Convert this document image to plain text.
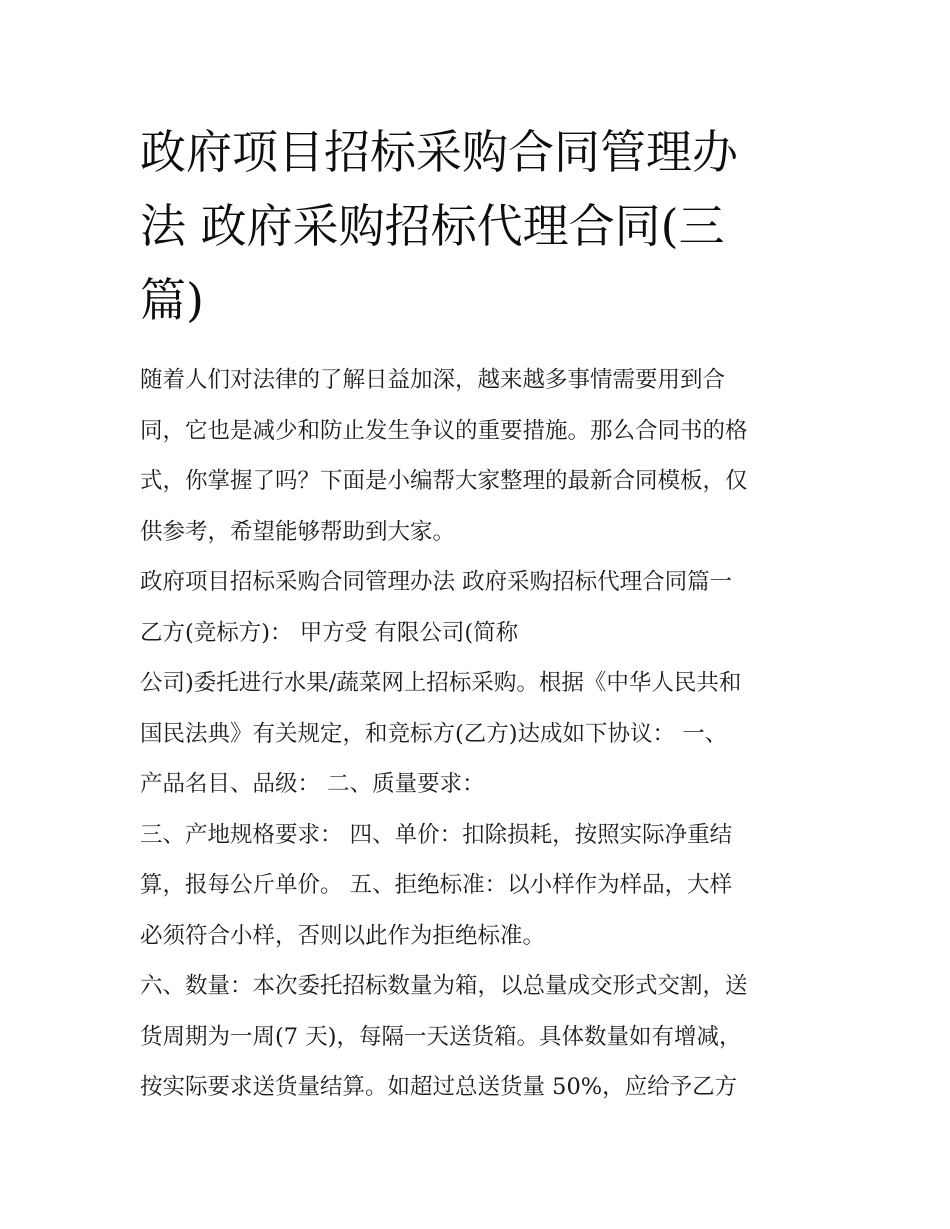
政府项目招标采购合同管理办
法 政府采购招标代理合同(三
篇)

随着人们对法律的了解日益加深，越来越多事情需要用到合
同，它也是减少和防止发生争议的重要措施。那么合同书的格
式，你掌握了吗？下面是小编帮大家整理的最新合同模板，仅
供参考，希望能够帮助到大家。

政府项目招标采购合同管理办法 政府采购招标代理合同篇一

乙方(竞标方)： 甲方受 有限公司(简称
公司)委托进行水果/蔬菜网上招标采购。根据《中华人民共和
国民法典》有关规定，和竞标方(乙方)达成如下协议： 一、
产品名目、品级： 二、质量要求：

三、产地规格要求： 四、单价：扣除损耗，按照实际净重结
算，报每公斤单价。 五、拒绝标准：以小样作为样品，大样
必须符合小样，否则以此作为拒绝标准。

六、数量：本次委托招标数量为箱，以总量成交形式交割，送
货周期为一周(7 天)，每隔一天送货箱。具体数量如有增减，
按实际要求送货量结算。如超过总送货量 50%，应给予乙方
